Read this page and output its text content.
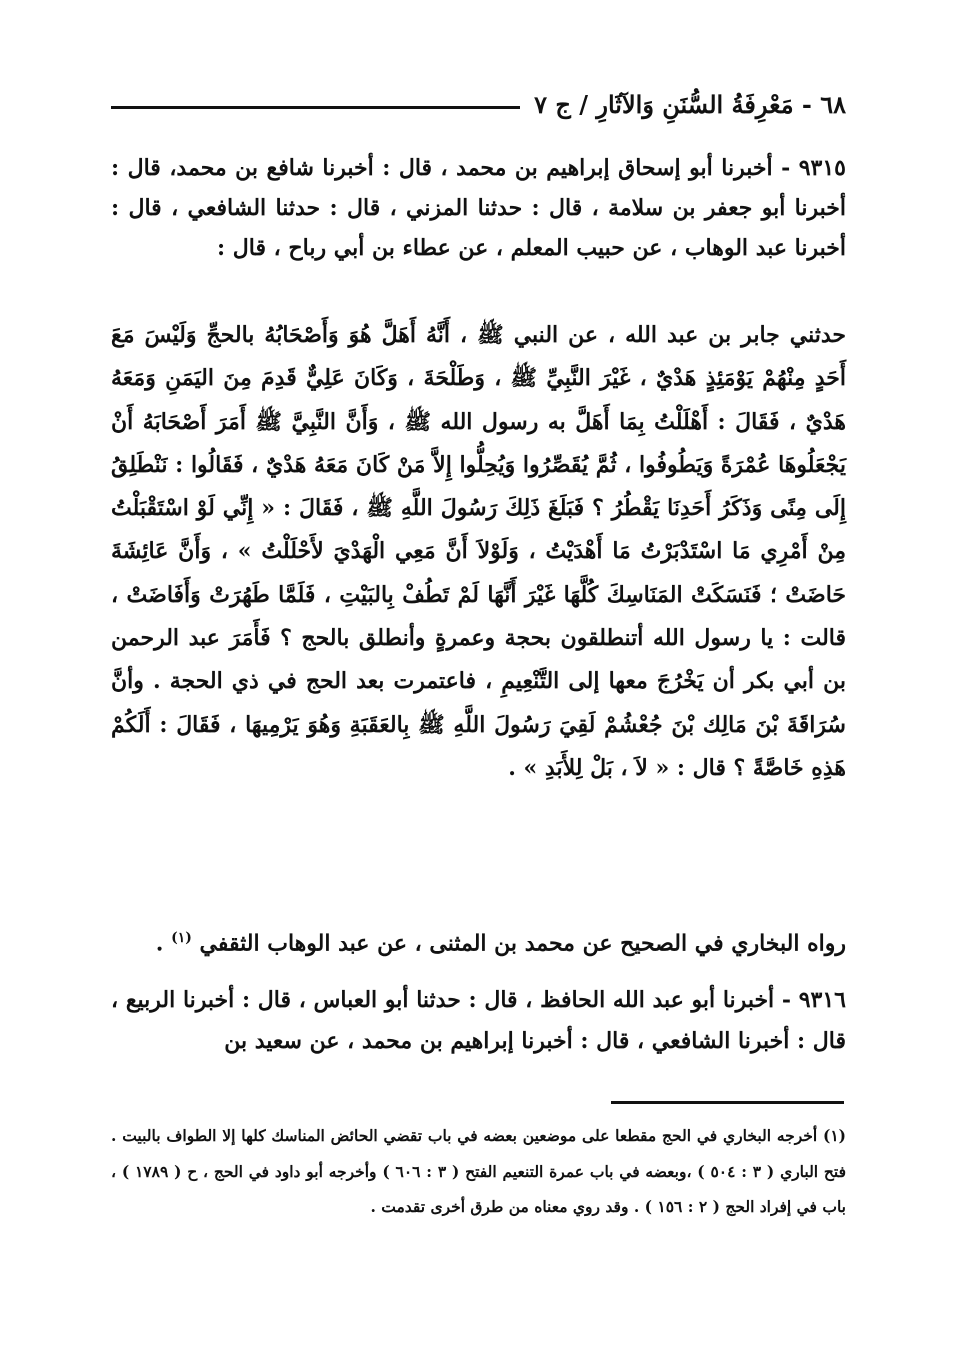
٦٨ - مَعْرِفَةُ السُّنَنِ وَالآثَارِ / ج ٧

٩٣١٥ - أخبرنا أبو إسحاق إبراهيم بن محمد ، قال : أخبرنا شافع بن محمد، قال : أخبرنا أبو جعفر بن سلامة ، قال : حدثنا المزني ، قال : حدثنا الشافعي ، قال : أخبرنا عبد الوهاب ، عن حبيب المعلم ، عن عطاء بن أبي رباح ، قال :

حدثني جابر بن عبد الله ، عن النبي ﷺ ، أَنَّهُ أَهَلَّ هُوَ وَأَصْحَابُهُ بالحجِّ وَلَيْسَ مَعَ أَحَدٍ مِنْهُمْ يَوْمَئِذٍ هَدْيٌ ، غَيْرَ النَّبِيِّ ﷺ ، وَطَلْحَةَ ، وَكَانَ عَلِيٌّ قَدِمَ مِنَ اليَمَنِ وَمَعَهُ هَدْيٌ ، فَقَالَ : أَهْلَلْتُ بِمَا أَهَلَّ به رسول الله ﷺ ، وَأَنَّ النَّبِيَّ ﷺ أَمَرَ أَصْحَابَهُ أَنْ يَجْعَلُوهَا عُمْرَةً وَيَطُوفُوا ، ثُمَّ يُقَصِّرُوا وَيُحِلُّوا إِلاَّ مَنْ كَانَ مَعَهُ هَدْيٌ ، فَقَالُوا : نَنْطَلِقُ إِلَى مِنًى وَذَكَرُ أَحَدِنَا يَقْطُرُ ؟ فَبَلَغَ ذَلِكَ رَسُولَ اللَّهِ ﷺ ، فَقَالَ : « إِنِّي لَوْ اسْتَقْبَلْتُ مِنْ أَمْرِي مَا اسْتَدْبَرْتُ مَا أَهْدَيْتُ ، وَلَوْلاَ أَنَّ مَعِي الْهَدْيَ لأَحْلَلْتُ » ، وَأَنَّ عَائِشَةَ حَاضَتْ ؛ فَنَسَكَتْ المَنَاسِكَ كُلَّهَا غَيْرَ أَنَّهَا لَمْ تَطُفْ بِالبَيْتِ ، فَلَمَّا طَهُرَتْ وَأَفَاضَتْ ، قالت : يا رسول الله أتنطلقون بحجة وعمرةٍ وأنطلق بالحج ؟ فَأَمَرَ عبد الرحمن بن أبي بكر أن يَخْرُجَ معها إلى التَّنْعِيمِ ، فاعتمرت بعد الحج في ذي الحجة . وأنَّ سُرَاقَةَ بْنَ مَالِك بْنَ جُعْشُمْ لَقِيَ رَسُولَ اللَّهِ ﷺ بِالعَقَبَةِ وَهُوَ يَرْمِيهَا ، فَقَالَ : أَلَكُمْ هَذِهِ خَاصَّةً ؟ قال : « لاَ ، بَلْ لِلأَبَدِ » .

رواه البخاري في الصحيح عن محمد بن المثنى ، عن عبد الوهاب الثقفي $^{(١)}$ .

٩٣١٦ - أخبرنا أبو عبد الله الحافظ ، قال : حدثنا أبو العباس ، قال : أخبرنا الربيع ، قال : أخبرنا الشافعي ، قال : أخبرنا إبراهيم بن محمد ، عن سعيد بن

(١) أخرجه البخاري في الحج مقطعا على موضعين بعضه في باب تقضي الحائض المناسك كلها إلا الطواف بالبيت . فتح الباري ( ٣ : ٥٠٤ ) ،وبعضه في باب عمرة التنعيم الفتح ( ٣ : ٦٠٦ ) وأخرجه أبو داود في الحج ، ح ( ١٧٨٩ ) ، باب في إفراد الحج ( ٢ : ١٥٦ ) . وقد روي معناه من طرق أخرى تقدمت .
